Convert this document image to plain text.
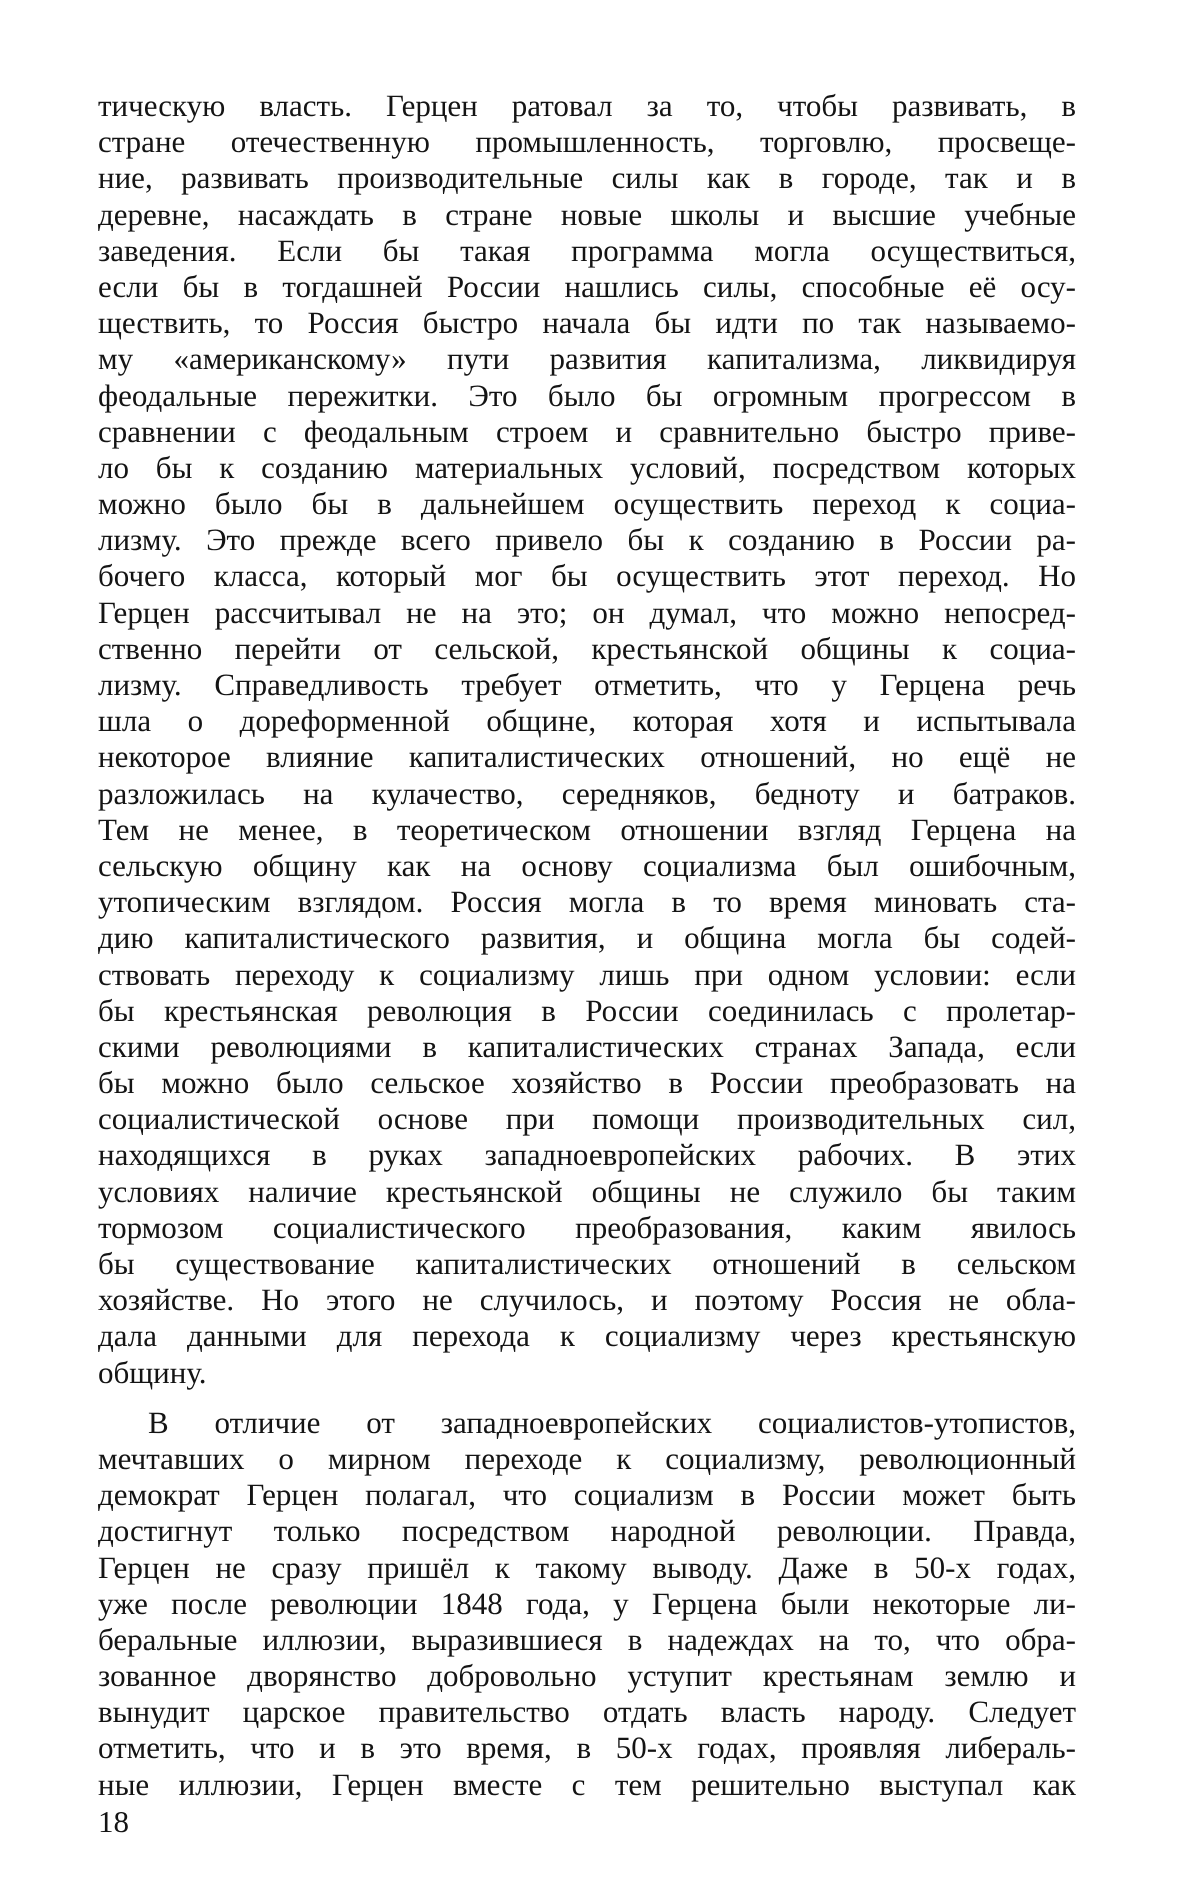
тическую власть. Герцен ратовал за то, чтобы развивать, в
стране отечественную промышленность, торговлю, просвеще-
ние, развивать производительные силы как в городе, так и в
деревне, насаждать в стране новые школы и высшие учебные
заведения. Если бы такая программа могла осуществиться,
если бы в тогдашней России нашлись силы, способные её осу-
ществить, то Россия быстро начала бы идти по так называемо-
му «американскому» пути развития капитализма, ликвидируя
феодальные пережитки. Это было бы огромным прогрессом в
сравнении с феодальным строем и сравнительно быстро приве-
ло бы к созданию материальных условий, посредством которых
можно было бы в дальнейшем осуществить переход к социа-
лизму. Это прежде всего привело бы к созданию в России ра-
бочего класса, который мог бы осуществить этот переход. Но
Герцен рассчитывал не на это; он думал, что можно непосред-
ственно перейти от сельской, крестьянской общины к социа-
лизму. Справедливость требует отметить, что у Герцена речь
шла о дореформенной общине, которая хотя и испытывала
некоторое влияние капиталистических отношений, но ещё не
разложилась на кулачество, середняков, бедноту и батраков.
Тем не менее, в теоретическом отношении взгляд Герцена на
сельскую общину как на основу социализма был ошибочным,
утопическим взглядом. Россия могла в то время миновать ста-
дию капиталистического развития, и община могла бы содей-
ствовать переходу к социализму лишь при одном условии: если
бы крестьянская революция в России соединилась с пролетар-
скими революциями в капиталистических странах Запада, если
бы можно было сельское хозяйство в России преобразовать на
социалистической основе при помощи производительных сил,
находящихся в руках западноевропейских рабочих. В этих
условиях наличие крестьянской общины не служило бы таким
тормозом социалистического преобразования, каким явилось
бы существование капиталистических отношений в сельском
хозяйстве. Но этого не случилось, и поэтому Россия не обла-
дала данными для перехода к социализму через крестьянскую
общину.
В отличие от западноевропейских социалистов-утопистов,
мечтавших о мирном переходе к социализму, революционный
демократ Герцен полагал, что социализм в России может быть
достигнут только посредством народной революции. Правда,
Герцен не сразу пришёл к такому выводу. Даже в 50-х годах,
уже после революции 1848 года, у Герцена были некоторые ли-
беральные иллюзии, выразившиеся в надеждах на то, что обра-
зованное дворянство добровольно уступит крестьянам землю и
вынудит царское правительство отдать власть народу. Следует
отметить, что и в это время, в 50-х годах, проявляя либераль-
ные иллюзии, Герцен вместе с тем решительно выступал как
18
